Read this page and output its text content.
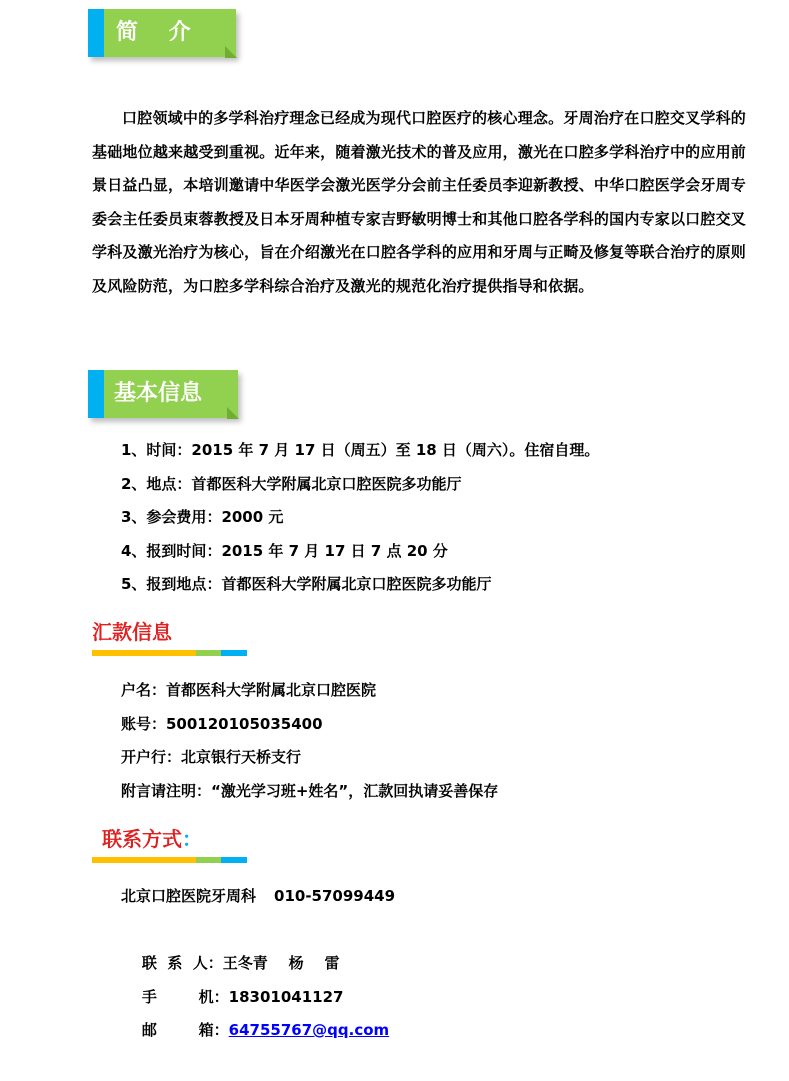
简    介
口腔领域中的多学科治疗理念已经成为现代口腔医疗的核心理念。牙周治疗在口腔交叉学科的基础地位越来越受到重视。近年来，随着激光技术的普及应用，激光在口腔多学科治疗中的应用前景日益凸显，本培训邀请中华医学会激光医学分会前主任委员李迎新教授、中华口腔医学会牙周专委会主任委员束蓉教授及日本牙周种植专家吉野敏明博士和其他口腔各学科的国内专家以口腔交叉学科及激光治疗为核心，旨在介绍激光在口腔各学科的应用和牙周与正畸及修复等联合治疗的原则及风险防范，为口腔多学科综合治疗及激光的规范化治疗提供指导和依据。
基本信息
1、时间：2015 年 7 月 17 日（周五）至 18 日（周六）。住宿自理。
2、地点：首都医科大学附属北京口腔医院多功能厅
3、参会费用：2000 元
4、报到时间：2015 年 7 月 17 日 7 点 20 分
5、报到地点：首都医科大学附属北京口腔医院多功能厅
汇款信息
户名：首都医科大学附属北京口腔医院
账号：500120105035400
开户行：北京银行天桥支行
附言请注明：“激光学习班+姓名”，汇款回执请妥善保存
联系方式：
北京口腔医院牙周科 010-57099449

联  系  人：王冬青    杨    雷

手        机：18301041127

邮        箱：64755767@qq.com
